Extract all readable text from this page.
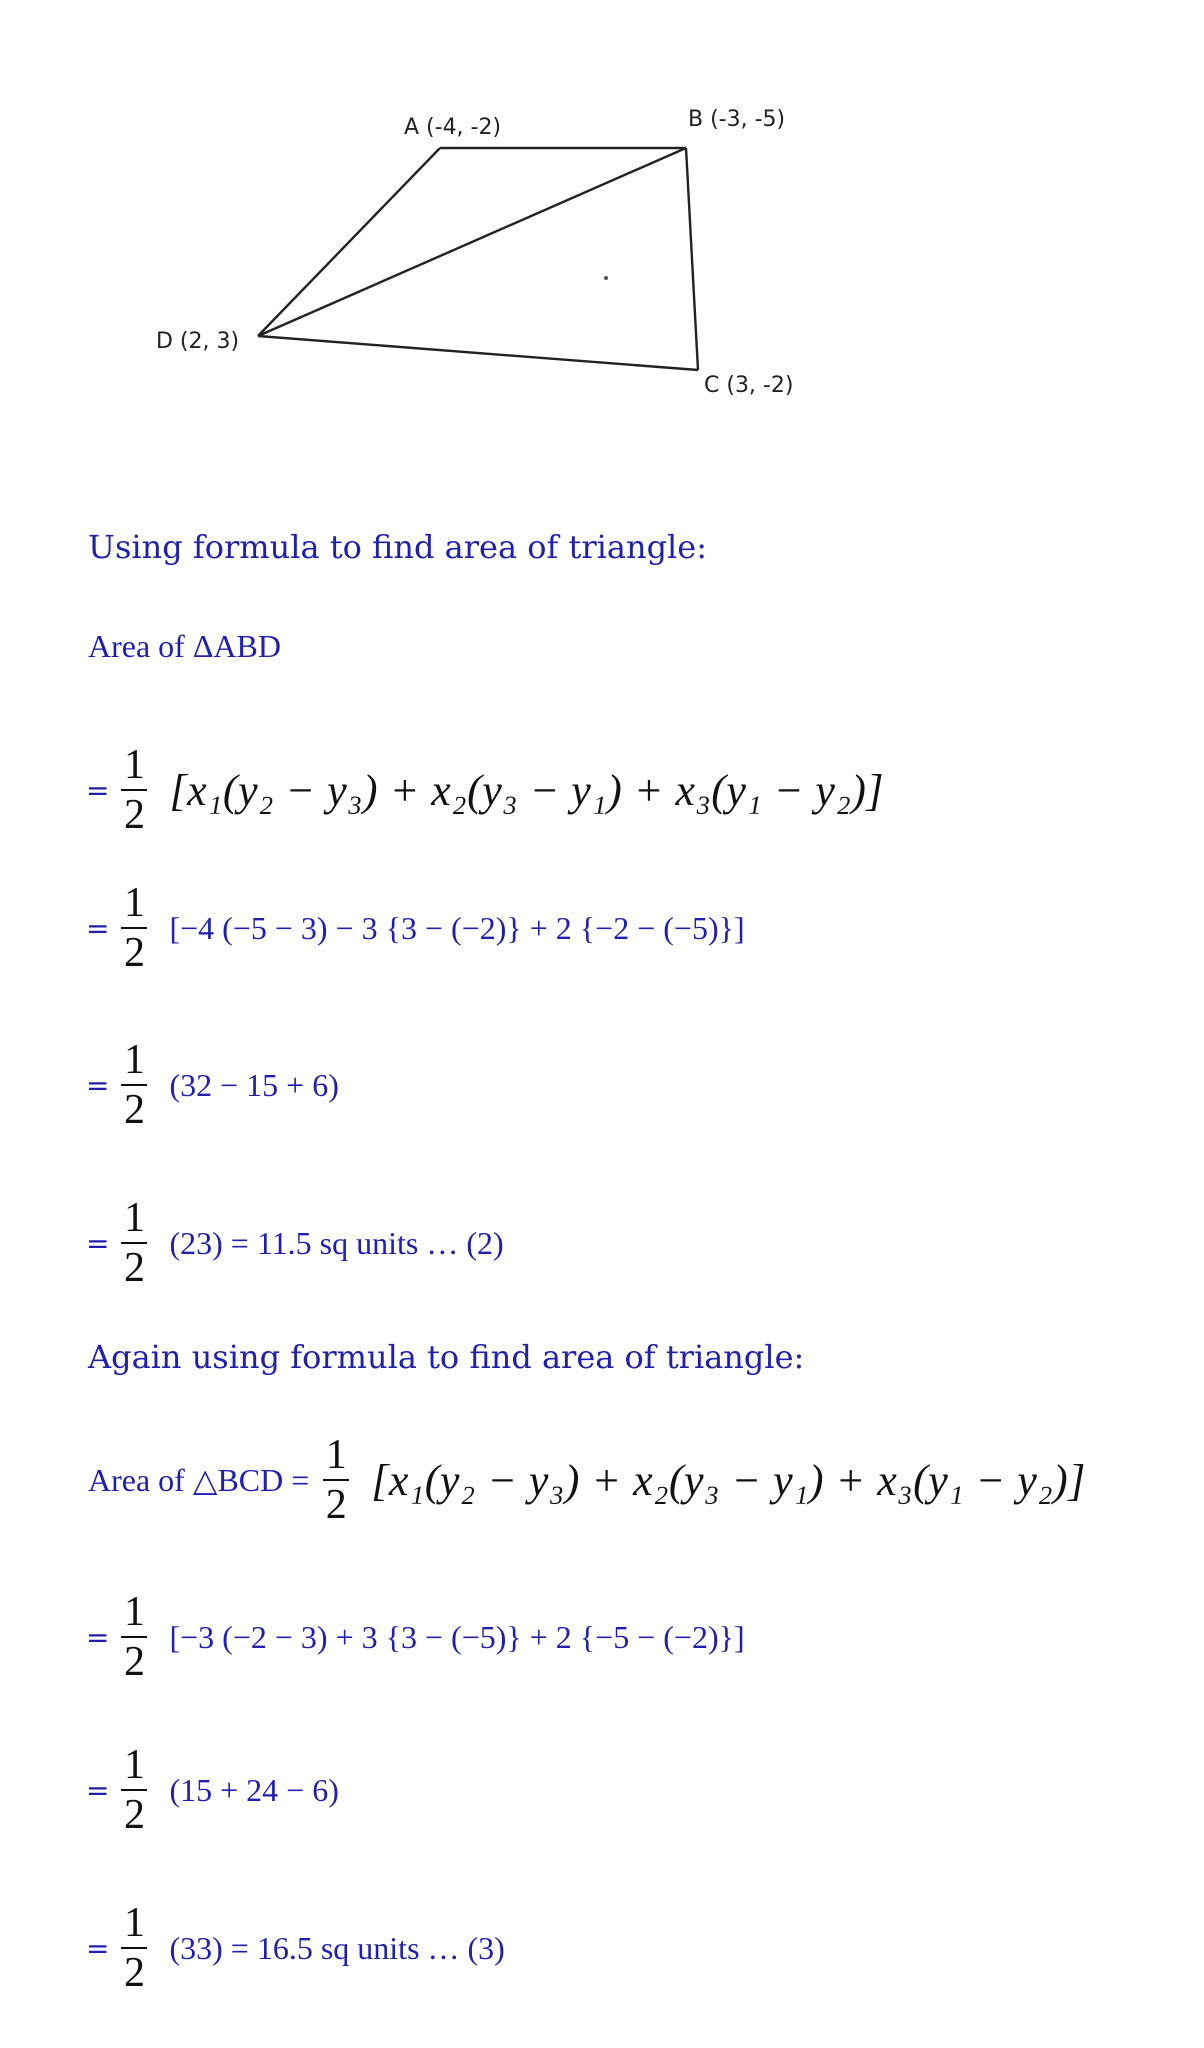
A (-4, -2)	B (-3, -5)
C (3, -2)
D (2, 3)
Using formula to find area of triangle:
Area of ΔABD
= $\frac{1}{2} [x_1(y_2 - y_3) + x_2(y_3 - y_1) + x_3(y_1 - y_2)]$
= $\frac{1}{2} [-4$ (−5 − 3) − 3 {3 − (−2)} + 2 {−2 − (−5)}]
= $\frac{1}{2} (32 - 15 + 6)$
= $\frac{1}{2} (23) = 11.5$ sq units … (2)
Again using formula to find area of triangle:
Area of △BCD = $\frac{1}{2} [x_1(y_2 - y_3) + x_2(y_3 - y_1) + x_3(y_1 - y_2)]$
= $\frac{1}{2} [-3$ (−2 − 3) + 3 {3 − (−5)} + 2 {−5 − (−2)}]
= $\frac{1}{2} (15 + 24 - 6)$
= $\frac{1}{2} (33) = 16.5$ sq units … (3)
